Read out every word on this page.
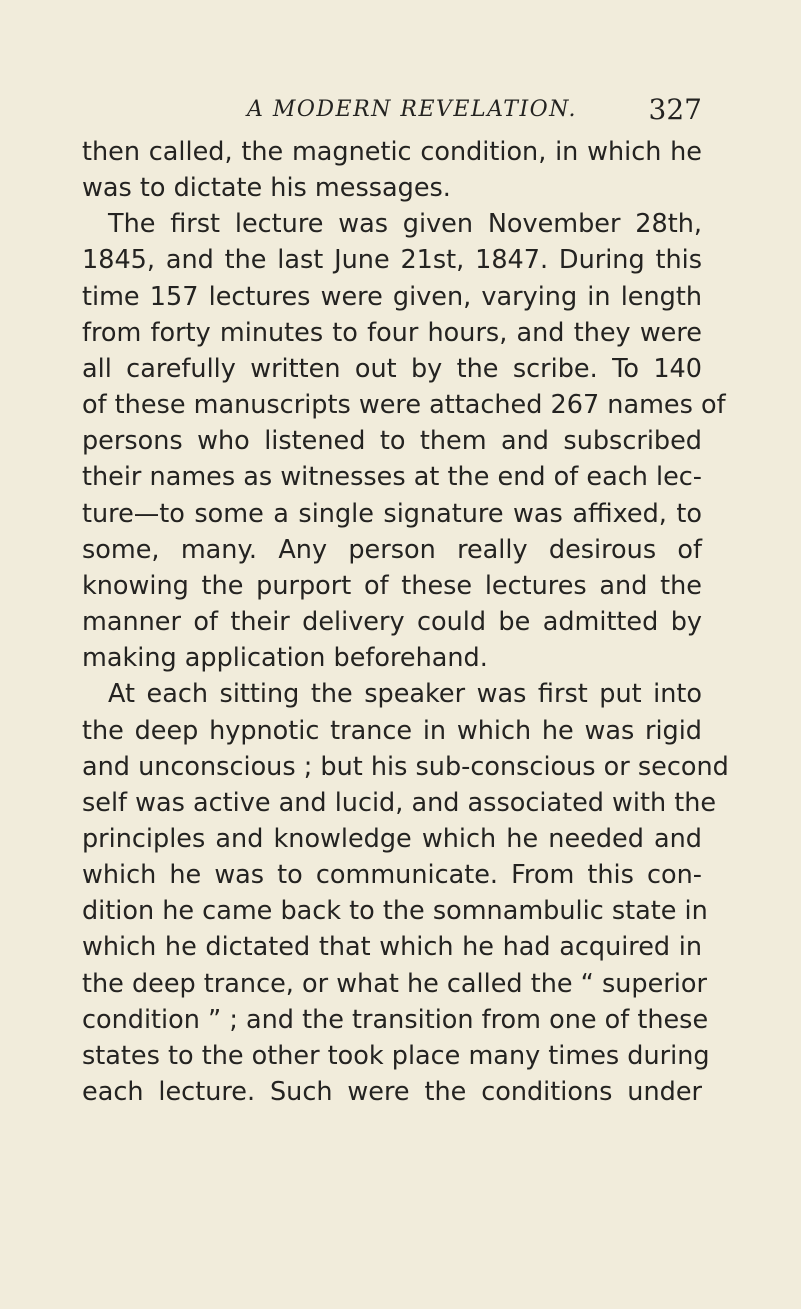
A MODERN REVELATION.	327
then called, the magnetic condition, in which he
was to dictate his messages.
The first lecture was given November 28th,
1845, and the last June 21st, 1847. During this
time 157 lectures were given, varying in length
from forty minutes to four hours, and they were
all carefully written out by the scribe. To 140
of these manuscripts were attached 267 names of
persons who listened to them and subscribed
their names as witnesses at the end of each lec-
ture—to some a single signature was affixed, to
some, many. Any person really desirous of
knowing the purport of these lectures and the
manner of their delivery could be admitted by
making application beforehand.
At each sitting the speaker was first put into
the deep hypnotic trance in which he was rigid
and unconscious ; but his sub-conscious or second
self was active and lucid, and associated with the
principles and knowledge which he needed and
which he was to communicate. From this con-
dition he came back to the somnambulic state in
which he dictated that which he had acquired in
the deep trance, or what he called the “ superior
condition ” ; and the transition from one of these
states to the other took place many times during
each lecture. Such were the conditions under
